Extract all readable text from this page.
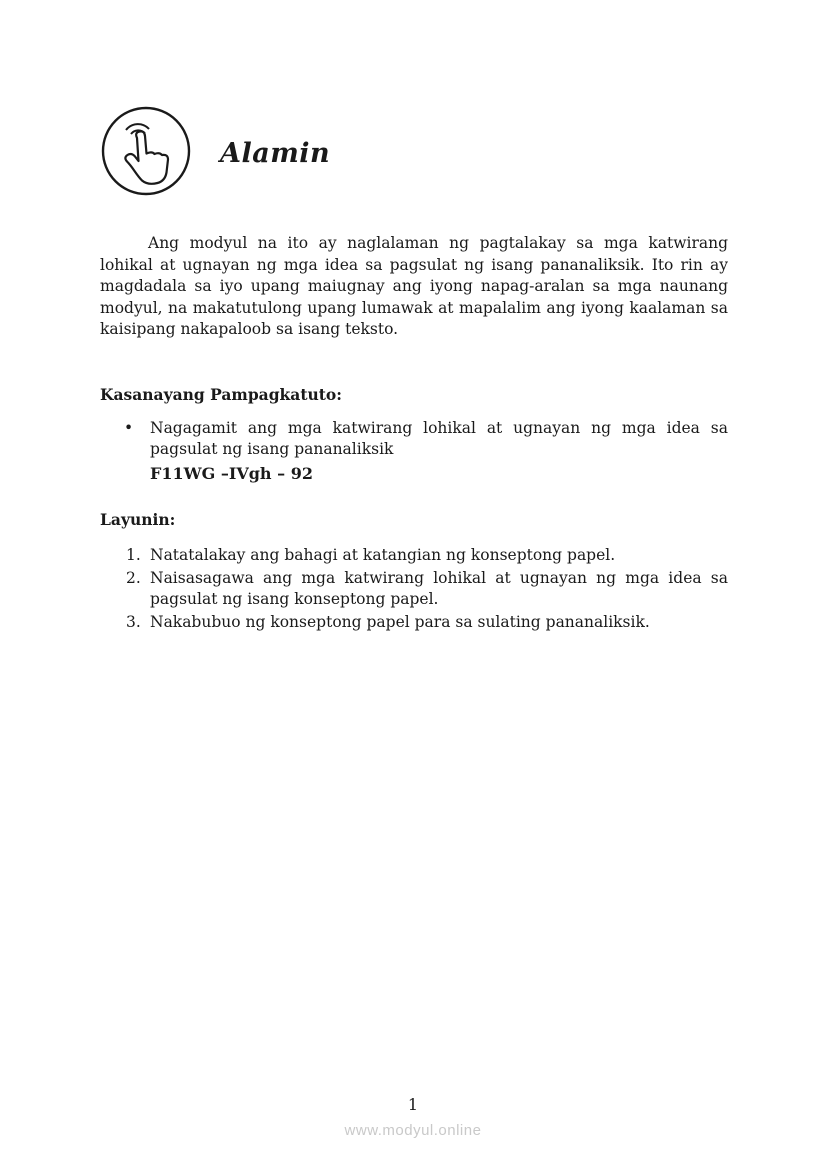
Alamin

Ang modyul na ito ay naglalaman ng pagtalakay sa mga katwirang lohikal at ugnayan ng mga idea sa pagsulat ng isang pananaliksik. Ito rin ay magdadala sa iyo upang maiugnay ang iyong napag-aralan sa mga naunang modyul, na makatutulong upang lumawak at mapalalim ang iyong kaalaman sa kaisipang nakapaloob sa isang teksto.

Kasanayang Pampagkatuto:
•	Nagagamit ang mga katwirang lohikal at ugnayan ng mga idea sa pagsulat ng isang pananaliksik
F11WG –IVgh – 92
Layunin:
1. Natatalakay ang bahagi at katangian ng konseptong papel.
2. Naisasagawa ang mga katwirang lohikal at ugnayan ng mga idea sa pagsulat ng isang konseptong papel.
3. Nakabubuo ng konseptong papel para sa sulating pananaliksik.
1
www.modyul.online
